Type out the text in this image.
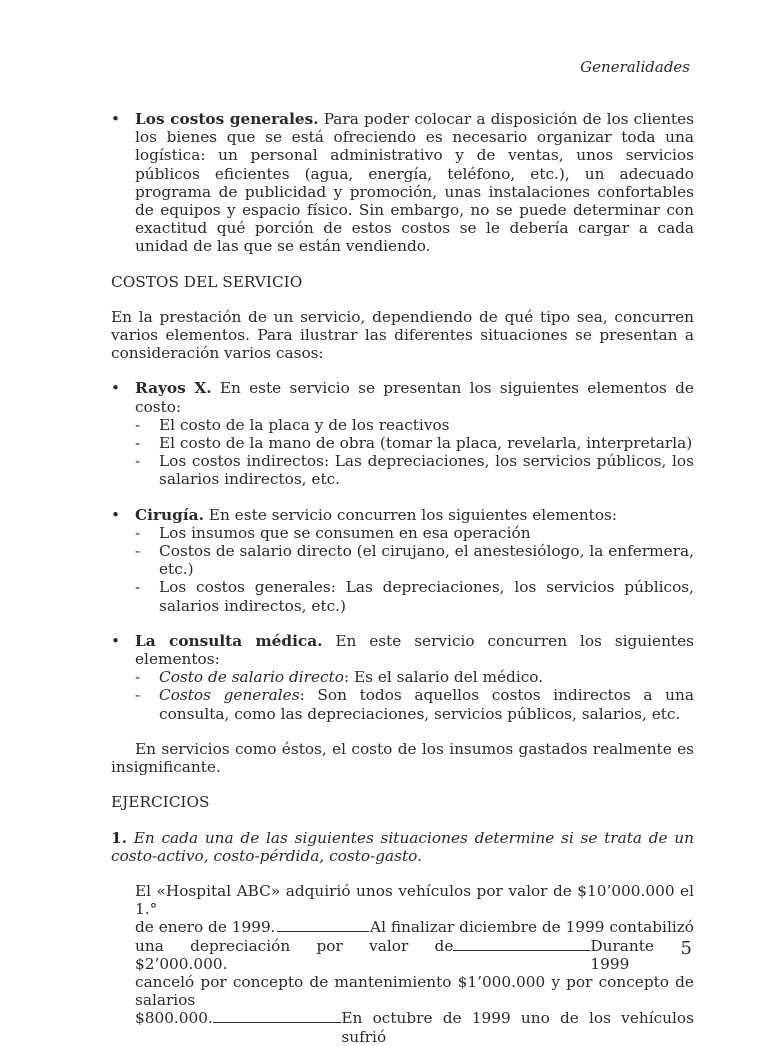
Generalidades
• Los costos generales. Para poder colocar a disposición de los clientes los bienes que se está ofreciendo es necesario organizar toda una logística: un personal administrativo y de ventas, unos servicios públicos eficientes (agua, energía, teléfono, etc.), un adecuado programa de publicidad y promoción, unas instalaciones confortables de equipos y espacio físico. Sin embargo, no se puede determinar con exactitud qué porción de estos costos se le debería cargar a cada unidad de las que se están vendiendo.
COSTOS DEL SERVICIO
En la prestación de un servicio, dependiendo de qué tipo sea, concurren varios elementos. Para ilustrar las diferentes situaciones se presentan a consideración varios casos:
• Rayos X. En este servicio se presentan los siguientes elementos de costo:
-	El costo de la placa y de los reactivos
-	El costo de la mano de obra (tomar la placa, revelarla, interpretarla)
-	Los costos indirectos: Las depreciaciones, los servicios públicos, los salarios indirectos, etc.
• Cirugía. En este servicio concurren los siguientes elementos:
-	Los insumos que se consumen en esa operación
-	Costos de salario directo (el cirujano, el anestesiólogo, la enfermera, etc.)
-	Los costos generales: Las depreciaciones, los servicios públicos, salarios indirectos, etc.)
• La consulta médica. En este servicio concurren los siguientes elementos:
-	Costo de salario directo: Es el salario del médico.
-	Costos generales: Son todos aquellos costos indirectos a una consulta, como las depreciaciones, servicios públicos, salarios, etc.
En servicios como éstos, el costo de los insumos gastados realmente es insignificante.
EJERCICIOS
1. En cada una de las siguientes situaciones determine si se trata de un costo-activo, costo-pérdida, costo-gasto.
El «Hospital ABC» adquirió unos vehículos por valor de $10’000.000 el 1.°
de enero de 1999.	Al finalizar diciembre de 1999 contabilizó
una depreciación por valor de $2’000.000.
Durante 1999
canceló por concepto de mantenimiento $1’000.000 y por concepto de salarios
$800.000.	En octubre de 1999 uno de los vehículos sufrió
5
